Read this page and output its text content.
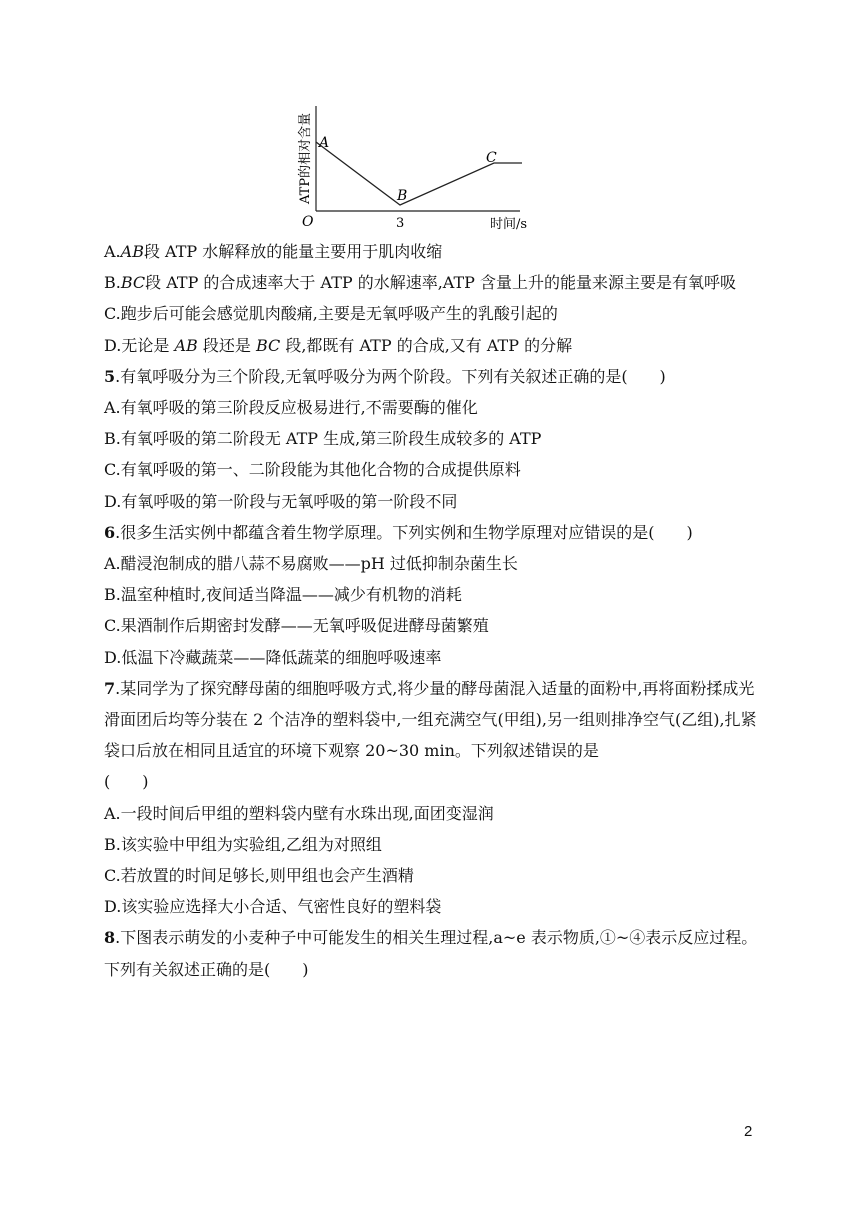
ATP的相对含量
O	3	时间/s
A
B
C
A.AB段 ATP 水解释放的能量主要用于肌肉收缩
B.BC段 ATP 的合成速率大于 ATP 的水解速率,ATP 含量上升的能量来源主要是有氧呼吸
C.跑步后可能会感觉肌肉酸痛,主要是无氧呼吸产生的乳酸引起的
D.无论是 AB 段还是 BC 段,都既有 ATP 的合成,又有 ATP 的分解
5.有氧呼吸分为三个阶段,无氧呼吸分为两个阶段。下列有关叙述正确的是(　　)
A.有氧呼吸的第三阶段反应极易进行,不需要酶的催化
B.有氧呼吸的第二阶段无 ATP 生成,第三阶段生成较多的 ATP
C.有氧呼吸的第一、二阶段能为其他化合物的合成提供原料
D.有氧呼吸的第一阶段与无氧呼吸的第一阶段不同
6.很多生活实例中都蕴含着生物学原理。下列实例和生物学原理对应错误的是(　　)
A.醋浸泡制成的腊八蒜不易腐败——pH 过低抑制杂菌生长
B.温室种植时,夜间适当降温——减少有机物的消耗
C.果酒制作后期密封发酵——无氧呼吸促进酵母菌繁殖
D.低温下冷藏蔬菜——降低蔬菜的细胞呼吸速率
7.某同学为了探究酵母菌的细胞呼吸方式,将少量的酵母菌混入适量的面粉中,再将面粉揉成光滑面团后均等分装在 2 个洁净的塑料袋中,一组充满空气(甲组),另一组则排净空气(乙组),扎紧袋口后放在相同且适宜的环境下观察 20~30 min。下列叙述错误的是
(　　)
A.一段时间后甲组的塑料袋内壁有水珠出现,面团变湿润
B.该实验中甲组为实验组,乙组为对照组
C.若放置的时间足够长,则甲组也会产生酒精
D.该实验应选择大小合适、气密性良好的塑料袋
8.下图表示萌发的小麦种子中可能发生的相关生理过程,a~e 表示物质,①~④表示反应过程。下列有关叙述正确的是(　　)
2
